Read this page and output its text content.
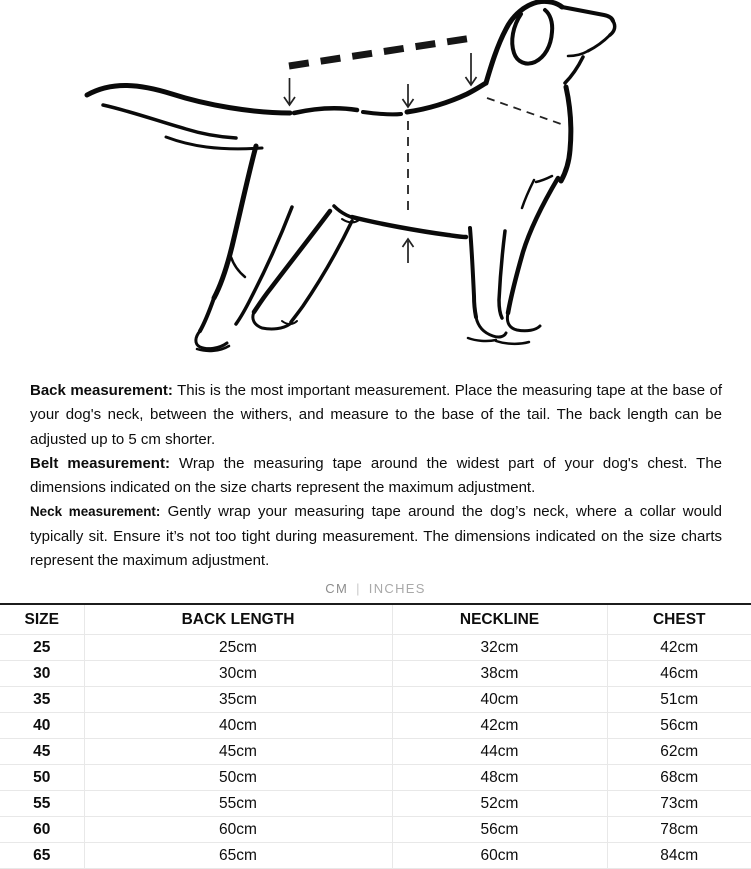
Back measurement: This is the most important measurement. Place the measuring tape at the base of your dog's neck, between the withers, and measure to the base of the tail. The back length can be adjusted up to 5 cm shorter.

Belt measurement: Wrap the measuring tape around the widest part of your dog's chest. The dimensions indicated on the size charts represent the maximum adjustment.

Neck measurement: Gently wrap your measuring tape around the dog’s neck, where a collar would typically sit. Ensure it’s not too tight during measurement. The dimensions indicated on the size charts represent the maximum adjustment.

CM | INCHES
SIZE	BACK LENGTH	NECKLINE	CHEST
25	25cm	32cm	42cm
30	30cm	38cm	46cm
35	35cm	40cm	51cm
40	40cm	42cm	56cm
45	45cm	44cm	62cm
50	50cm	48cm	68cm
55	55cm	52cm	73cm
60	60cm	56cm	78cm
65	65cm	60cm	84cm
